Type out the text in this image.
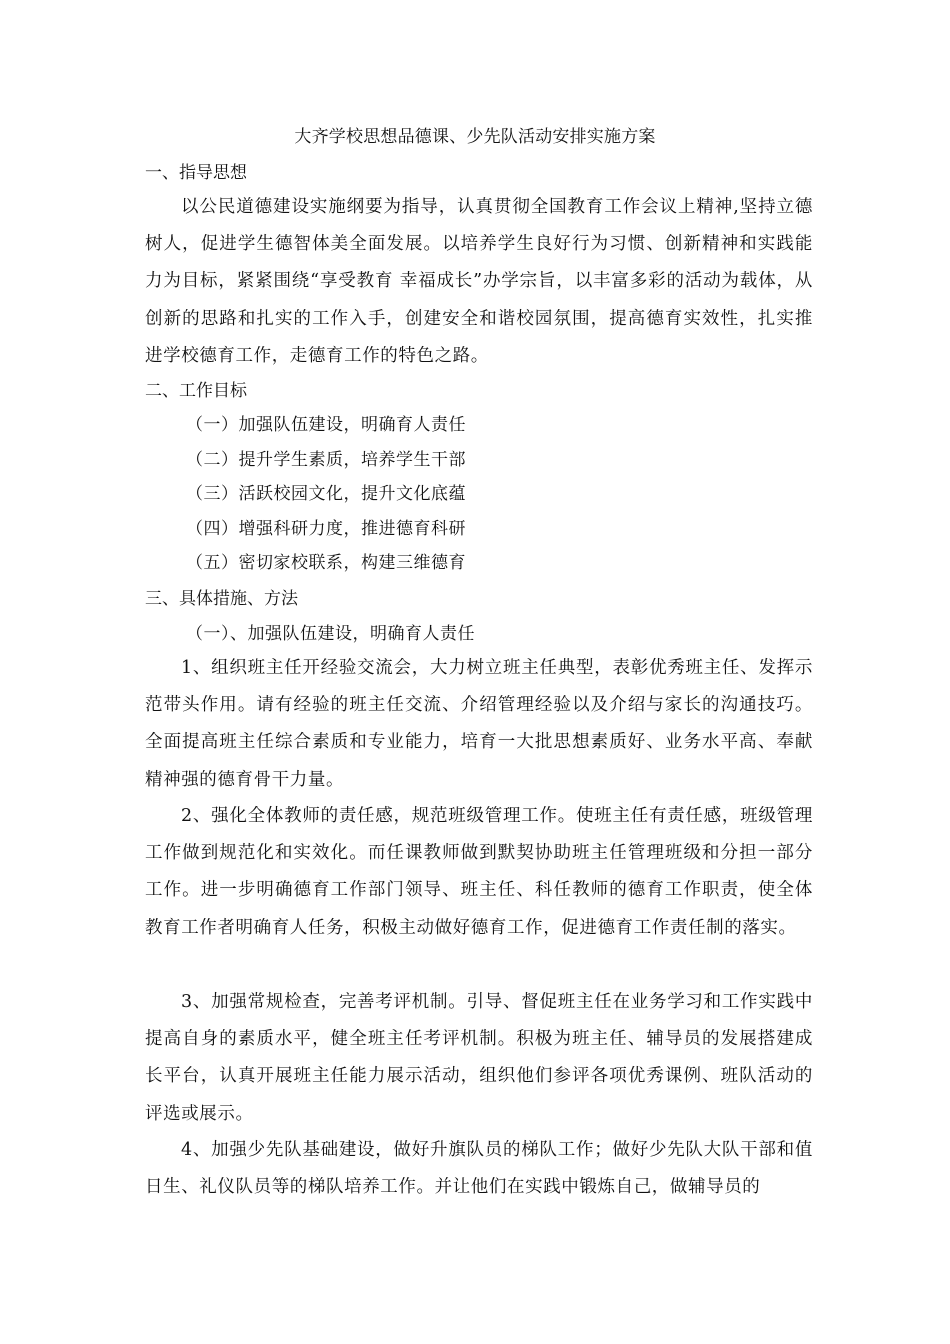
大齐学校思想品德课、少先队活动安排实施方案
一、指导思想

以公民道德建设实施纲要为指导，认真贯彻全国教育工作会议上精神,坚持立德树人，促进学生德智体美全面发展。以培养学生良好行为习惯、创新精神和实践能力为目标，紧紧围绕“享受教育 幸福成长”办学宗旨，以丰富多彩的活动为载体，从创新的思路和扎实的工作入手，创建安全和谐校园氛围，提高德育实效性，扎实推进学校德育工作，走德育工作的特色之路。

二、工作目标
（一）加强队伍建设，明确育人责任
（二）提升学生素质，培养学生干部
（三）活跃校园文化，提升文化底蕴
（四）增强科研力度，推进德育科研
（五）密切家校联系，构建三维德育
三、具体措施、方法
（一）、加强队伍建设，明确育人责任

1、组织班主任开经验交流会，大力树立班主任典型，表彰优秀班主任、发挥示范带头作用。请有经验的班主任交流、介绍管理经验以及介绍与家长的沟通技巧。全面提高班主任综合素质和专业能力，培育一大批思想素质好、业务水平高、奉献精神强的德育骨干力量。

2、强化全体教师的责任感，规范班级管理工作。使班主任有责任感，班级管理工作做到规范化和实效化。而任课教师做到默契协助班主任管理班级和分担一部分工作。进一步明确德育工作部门领导、班主任、科任教师的德育工作职责，使全体教育工作者明确育人任务，积极主动做好德育工作，促进德育工作责任制的落实。

3、加强常规检查，完善考评机制。引导、督促班主任在业务学习和工作实践中提高自身的素质水平，健全班主任考评机制。积极为班主任、辅导员的发展搭建成长平台，认真开展班主任能力展示活动，组织他们参评各项优秀课例、班队活动的评选或展示。

4、加强少先队基础建设，做好升旗队员的梯队工作；做好少先队大队干部和值日生、礼仪队员等的梯队培养工作。并让他们在实践中锻炼自己，做辅导员的
